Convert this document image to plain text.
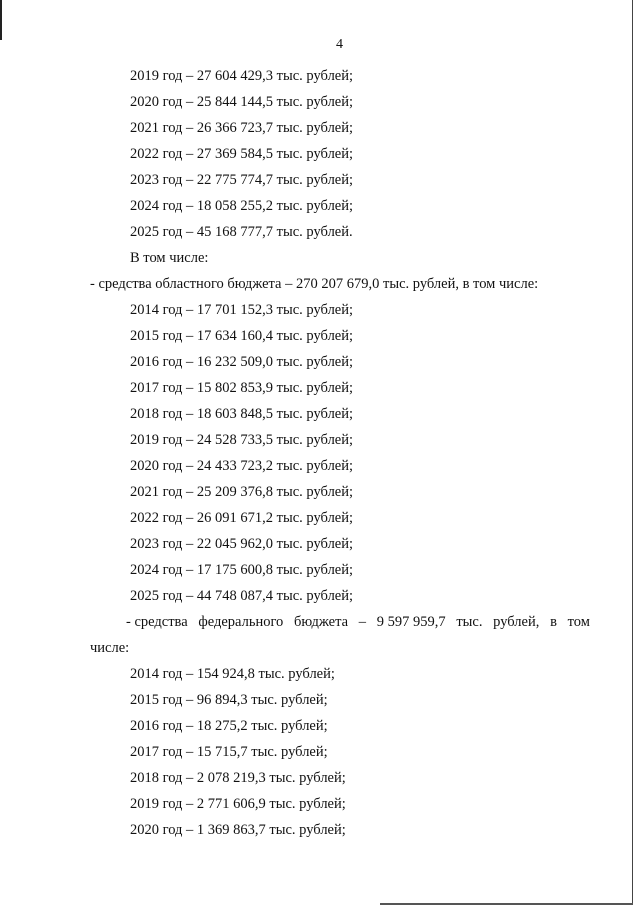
4
2019 год – 27 604 429,3 тыс. рублей;
2020 год – 25 844 144,5 тыс. рублей;
2021 год – 26 366 723,7 тыс. рублей;
2022 год – 27 369 584,5 тыс. рублей;
2023 год – 22 775 774,7 тыс. рублей;
2024 год – 18 058 255,2 тыс. рублей;
2025 год – 45 168 777,7 тыс. рублей.
В том числе:
- средства областного бюджета – 270 207 679,0 тыс. рублей, в том числе:
2014 год – 17 701 152,3 тыс. рублей;
2015 год – 17 634 160,4 тыс. рублей;
2016 год – 16 232 509,0 тыс. рублей;
2017 год – 15 802 853,9 тыс. рублей;
2018 год – 18 603 848,5 тыс. рублей;
2019 год – 24 528 733,5 тыс. рублей;
2020 год – 24 433 723,2 тыс. рублей;
2021 год – 25 209 376,8 тыс. рублей;
2022 год – 26 091 671,2 тыс. рублей;
2023 год – 22 045 962,0 тыс. рублей;
2024 год – 17 175 600,8 тыс. рублей;
2025 год – 44 748 087,4 тыс. рублей;
- средства федерального бюджета – 9 597 959,7 тыс. рублей, в том
числе:
2014 год – 154 924,8 тыс. рублей;
2015 год – 96 894,3 тыс. рублей;
2016 год – 18 275,2 тыс. рублей;
2017 год – 15 715,7 тыс. рублей;
2018 год – 2 078 219,3 тыс. рублей;
2019 год – 2 771 606,9 тыс. рублей;
2020 год – 1 369 863,7 тыс. рублей;
